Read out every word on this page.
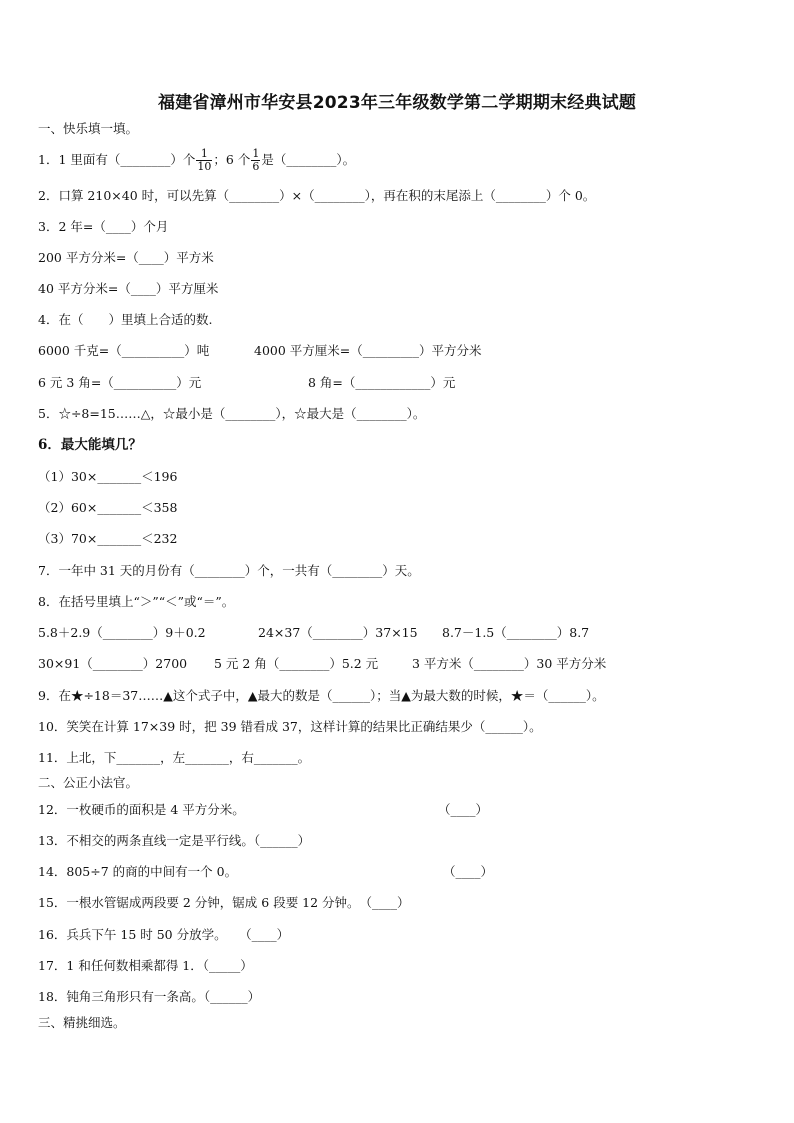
福建省漳州市华安县2023年三年级数学第二学期期末经典试题
一、快乐填一填。
1．1 里面有（________）个 $\frac{1}{10}$ ；6 个 $\frac{1}{6}$ 是（________）。
2．口算 210×40 时，可以先算（________）×（________），再在积的末尾添上（________）个 0。
3．2 年=（____）个月
200 平方分米=（____）平方米
40 平方分米=（____）平方厘米
4．在（　　）里填上合适的数.
6000 千克=（__________）吨	4000 平方厘米=（_________）平方分米
6 元 3 角=（__________）元	8 角=（____________）元
5．☆÷8=15……△，☆最小是（________），☆最大是（________）。
6．最大能填几？
（1）30×_______＜196
（2）60×_______＜358
（3）70×_______＜232
7．一年中 31 天的月份有（________）个，一共有（________）天。
8．在括号里填上“＞”“＜”或“＝”。
5.8＋2.9（________）9＋0.2	24×37（________）37×15 8.7－1.5（________）8.7
30×91（________）2700 5 元 2 角（________）5.2 元	3 平方米（________）30 平方分米
9．在★÷18＝37……▲这个式子中，▲最大的数是（______）；当▲为最大数的时候，★＝（______）。
10．笑笑在计算 17×39 时，把 39 错看成 37，这样计算的结果比正确结果少（______）。
11．上北，下_______，左_______，右_______。
二、公正小法官。
12．一枚硬币的面积是 4 平方分米。	（____）
13．不相交的两条直线一定是平行线。（______）
14．805÷7 的商的中间有一个 0。	（____）
15．一根水管锯成两段要 2 分钟，锯成 6 段要 12 分钟。　（____）
16．兵兵下午 15 时 50 分放学。　　（____）
17．1 和任何数相乘都得 1．（_____）
18．钝角三角形只有一条高。（______）
三、精挑细选。
